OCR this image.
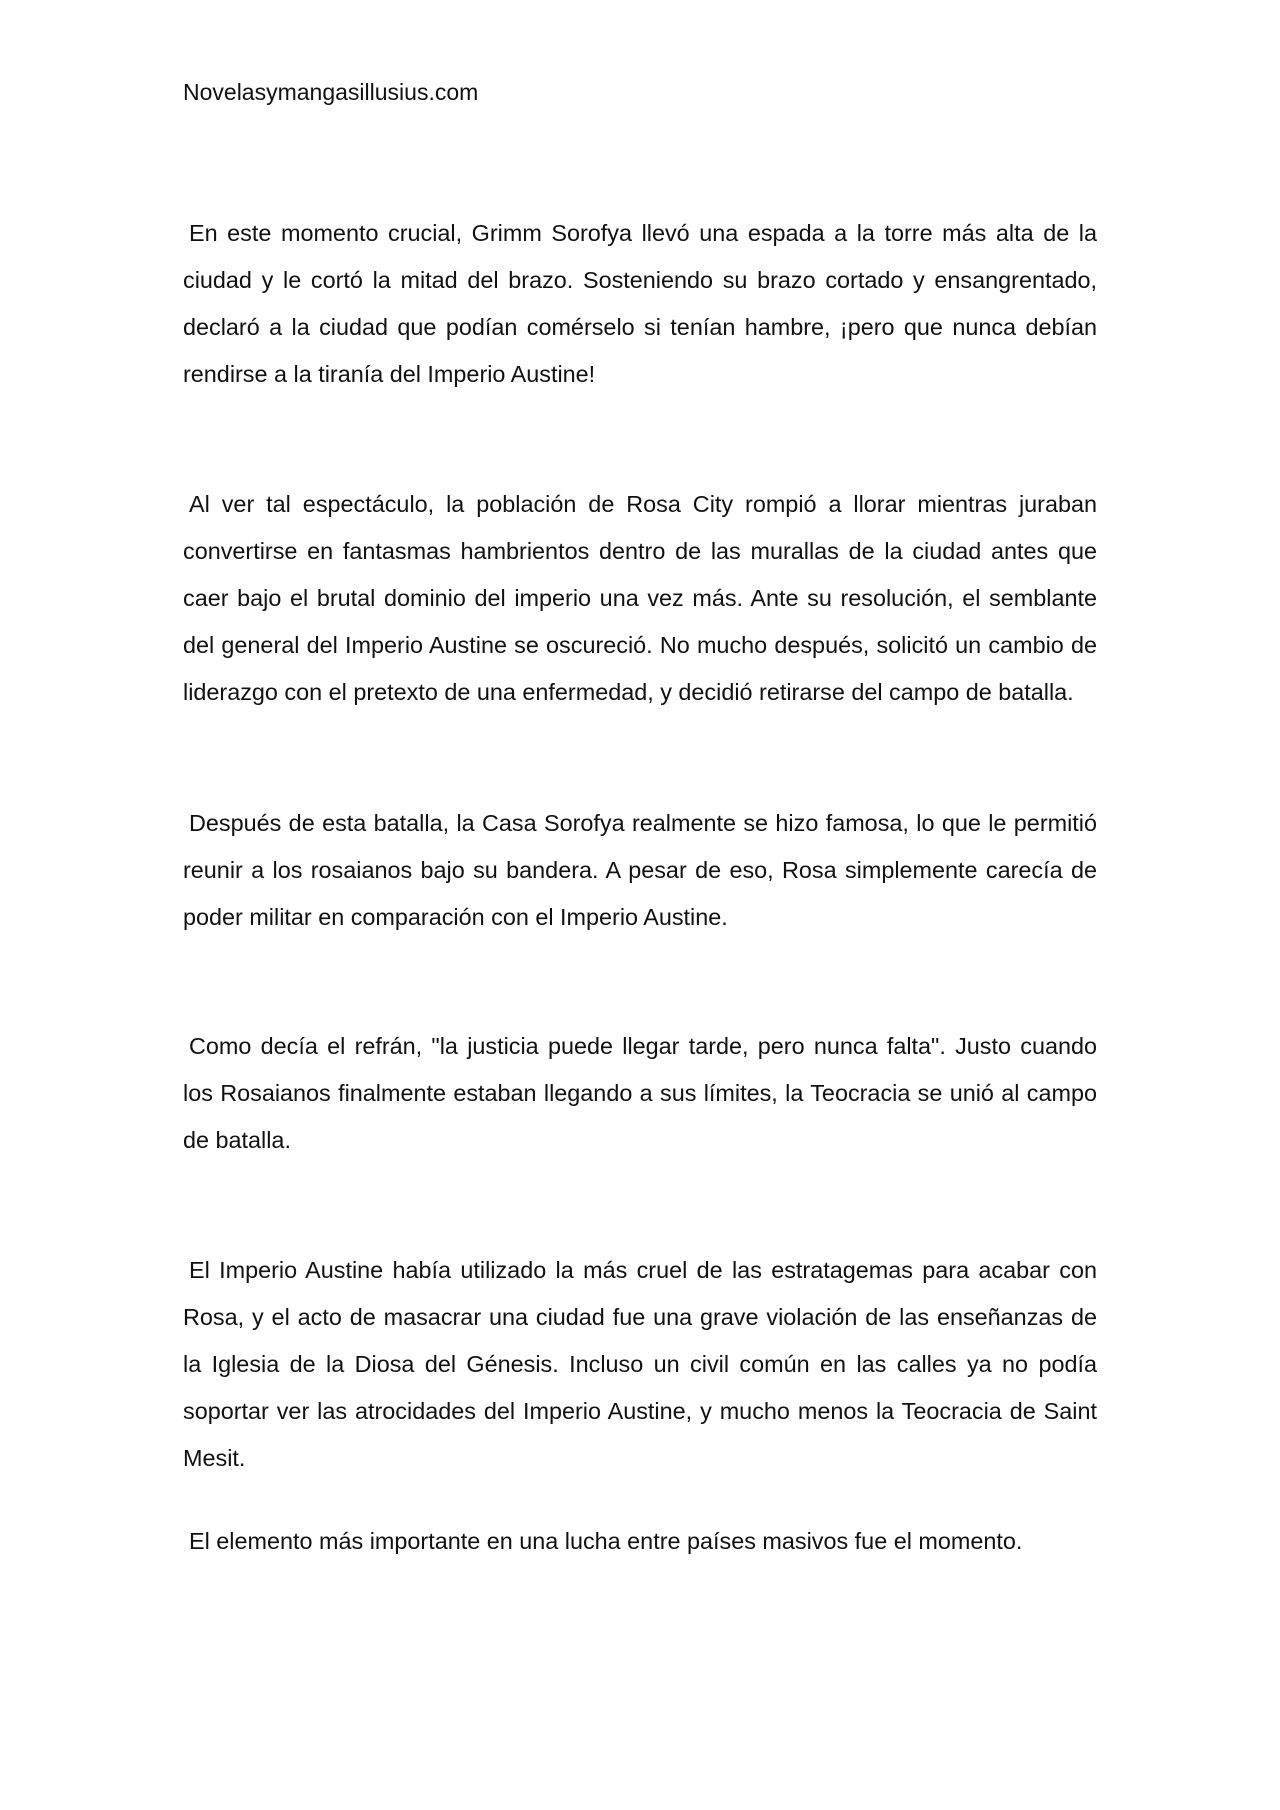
Novelasymangasillusius.com

En este momento crucial, Grimm Sorofya llevó una espada a la torre más alta de la ciudad y le cortó la mitad del brazo. Sosteniendo su brazo cortado y ensangrentado, declaró a la ciudad que podían comérselo si tenían hambre, ¡pero que nunca debían rendirse a la tiranía del Imperio Austine!

Al ver tal espectáculo, la población de Rosa City rompió a llorar mientras juraban convertirse en fantasmas hambrientos dentro de las murallas de la ciudad antes que caer bajo el brutal dominio del imperio una vez más. Ante su resolución, el semblante del general del Imperio Austine se oscureció. No mucho después, solicitó un cambio de liderazgo con el pretexto de una enfermedad, y decidió retirarse del campo de batalla.

Después de esta batalla, la Casa Sorofya realmente se hizo famosa, lo que le permitió reunir a los rosaianos bajo su bandera. A pesar de eso, Rosa simplemente carecía de poder militar en comparación con el Imperio Austine.

Como decía el refrán, "la justicia puede llegar tarde, pero nunca falta". Justo cuando los Rosaianos finalmente estaban llegando a sus límites, la Teocracia se unió al campo de batalla.

El Imperio Austine había utilizado la más cruel de las estratagemas para acabar con Rosa, y el acto de masacrar una ciudad fue una grave violación de las enseñanzas de la Iglesia de la Diosa del Génesis. Incluso un civil común en las calles ya no podía soportar ver las atrocidades del Imperio Austine, y mucho menos la Teocracia de Saint Mesit.

El elemento más importante en una lucha entre países masivos fue el momento.
